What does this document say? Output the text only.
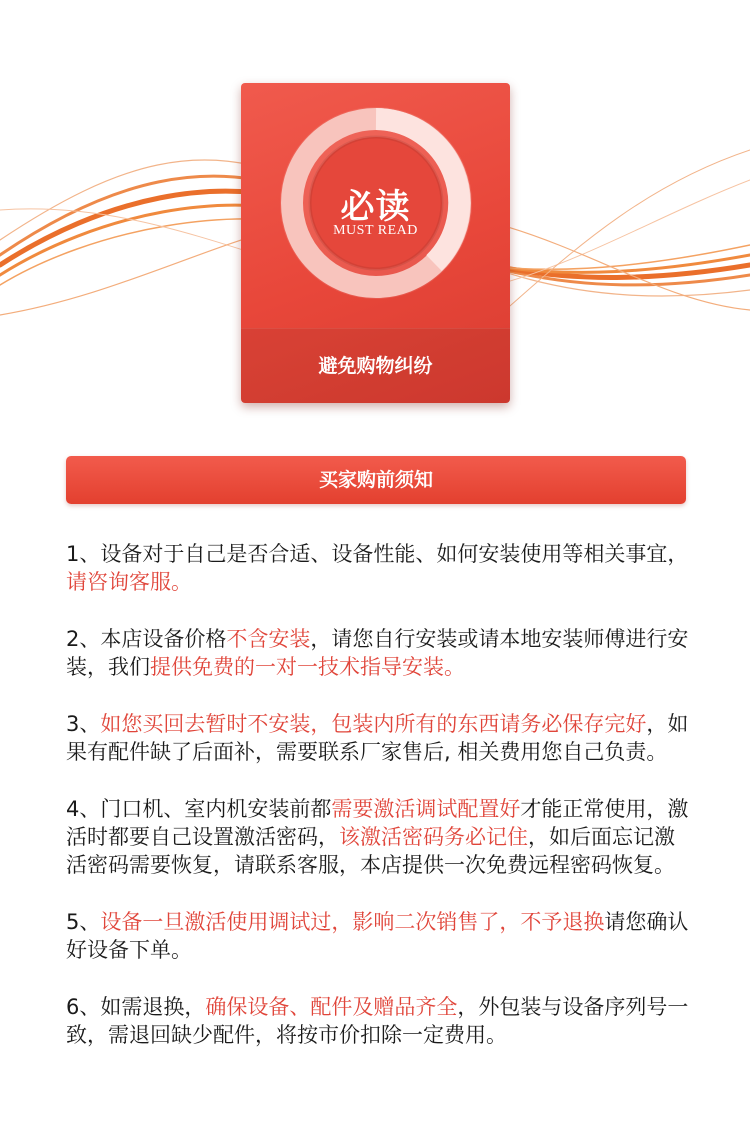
必读
MUST READ
避免购物纠纷
买家购前须知
1、设备对于自己是否合适、设备性能、如何安装使用等相关事宜，请咨询客服。
2、本店设备价格不含安装，请您自行安装或请本地安装师傅进行安装，我们提供免费的一对一技术指导安装。
3、如您买回去暂时不安装，包装内所有的东西请务必保存完好，如果有配件缺了后面补，需要联系厂家售后, 相关费用您自己负责。
4、门口机、室内机安装前都需要激活调试配置好才能正常使用，激活时都要自己设置激活密码，该激活密码务必记住，如后面忘记激活密码需要恢复，请联系客服，本店提供一次免费远程密码恢复。
5、设备一旦激活使用调试过，影响二次销售了，不予退换请您确认好设备下单。
6、如需退换，确保设备、配件及赠品齐全，外包装与设备序列号一致，需退回缺少配件，将按市价扣除一定费用。
